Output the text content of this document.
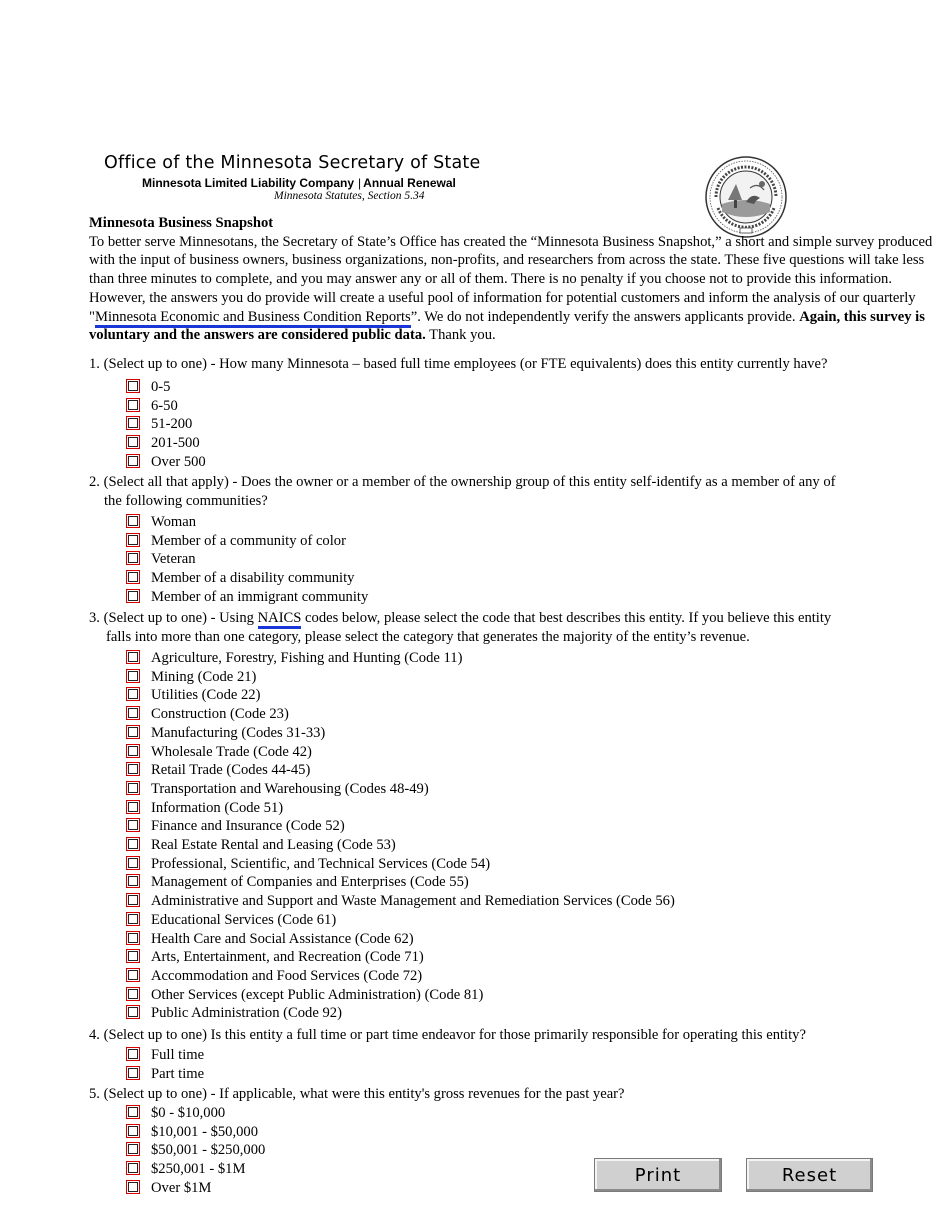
Office of the Minnesota Secretary of State
Minnesota Limited Liability Company | Annual Renewal
Minnesota Statutes, Section 5.34
Minnesota Business Snapshot
To better serve Minnesotans, the Secretary of State’s Office has created the “Minnesota Business Snapshot,” a short and simple survey produced with the input of business owners, business organizations, non-profits, and researchers from across the state. These five questions will take less than three minutes to complete, and you may answer any or all of them. There is no penalty if you choose not to provide this information. However, the answers you do provide will create a useful pool of information for potential customers and inform the analysis of our quarterly "Minnesota Economic and Business Condition Reports”. We do not independently verify the answers applicants provide. Again, this survey is voluntary and the answers are considered public data. Thank you.
1. (Select up to one) - How many Minnesota – based full time employees (or FTE equivalents) does this entity currently have?
2. (Select all that apply) - Does the owner or a member of the ownership group of this entity self-identify as a member of any of
the following communities?
3. (Select up to one) - Using NAICS codes below, please select the code that best describes this entity. If you believe this entity
falls into more than one category, please select the category that generates the majority of the entity’s revenue.
4. (Select up to one) Is this entity a full time or part time endeavor for those primarily responsible for operating this entity?
5. (Select up to one) - If applicable, what were this entity's gross revenues for the past year?
0-5
6-50
51-200
201-500
Over 500
Woman
Member of a community of color
Veteran
Member of a disability community
Member of an immigrant community
Agriculture, Forestry, Fishing and Hunting (Code 11)
Mining (Code 21)
Utilities (Code 22)
Construction (Code 23)
Manufacturing (Codes 31-33)
Wholesale Trade (Code 42)
Retail Trade (Codes 44-45)
Transportation and Warehousing (Codes 48-49)
Information (Code 51)
Finance and Insurance (Code 52)
Real Estate Rental and Leasing (Code 53)
Professional, Scientific, and Technical Services (Code 54)
Management of Companies and Enterprises (Code 55)
Administrative and Support and Waste Management and Remediation Services (Code 56)
Educational Services (Code 61)
Health Care and Social Assistance (Code 62)
Arts, Entertainment, and Recreation (Code 71)
Accommodation and Food Services (Code 72)
Other Services (except Public Administration) (Code 81)
Public Administration (Code 92)
Full time
Part time
$0 - $10,000
$10,001 - $50,000
$50,001 - $250,000
$250,001 - $1M
Over $1M
Print	Reset
